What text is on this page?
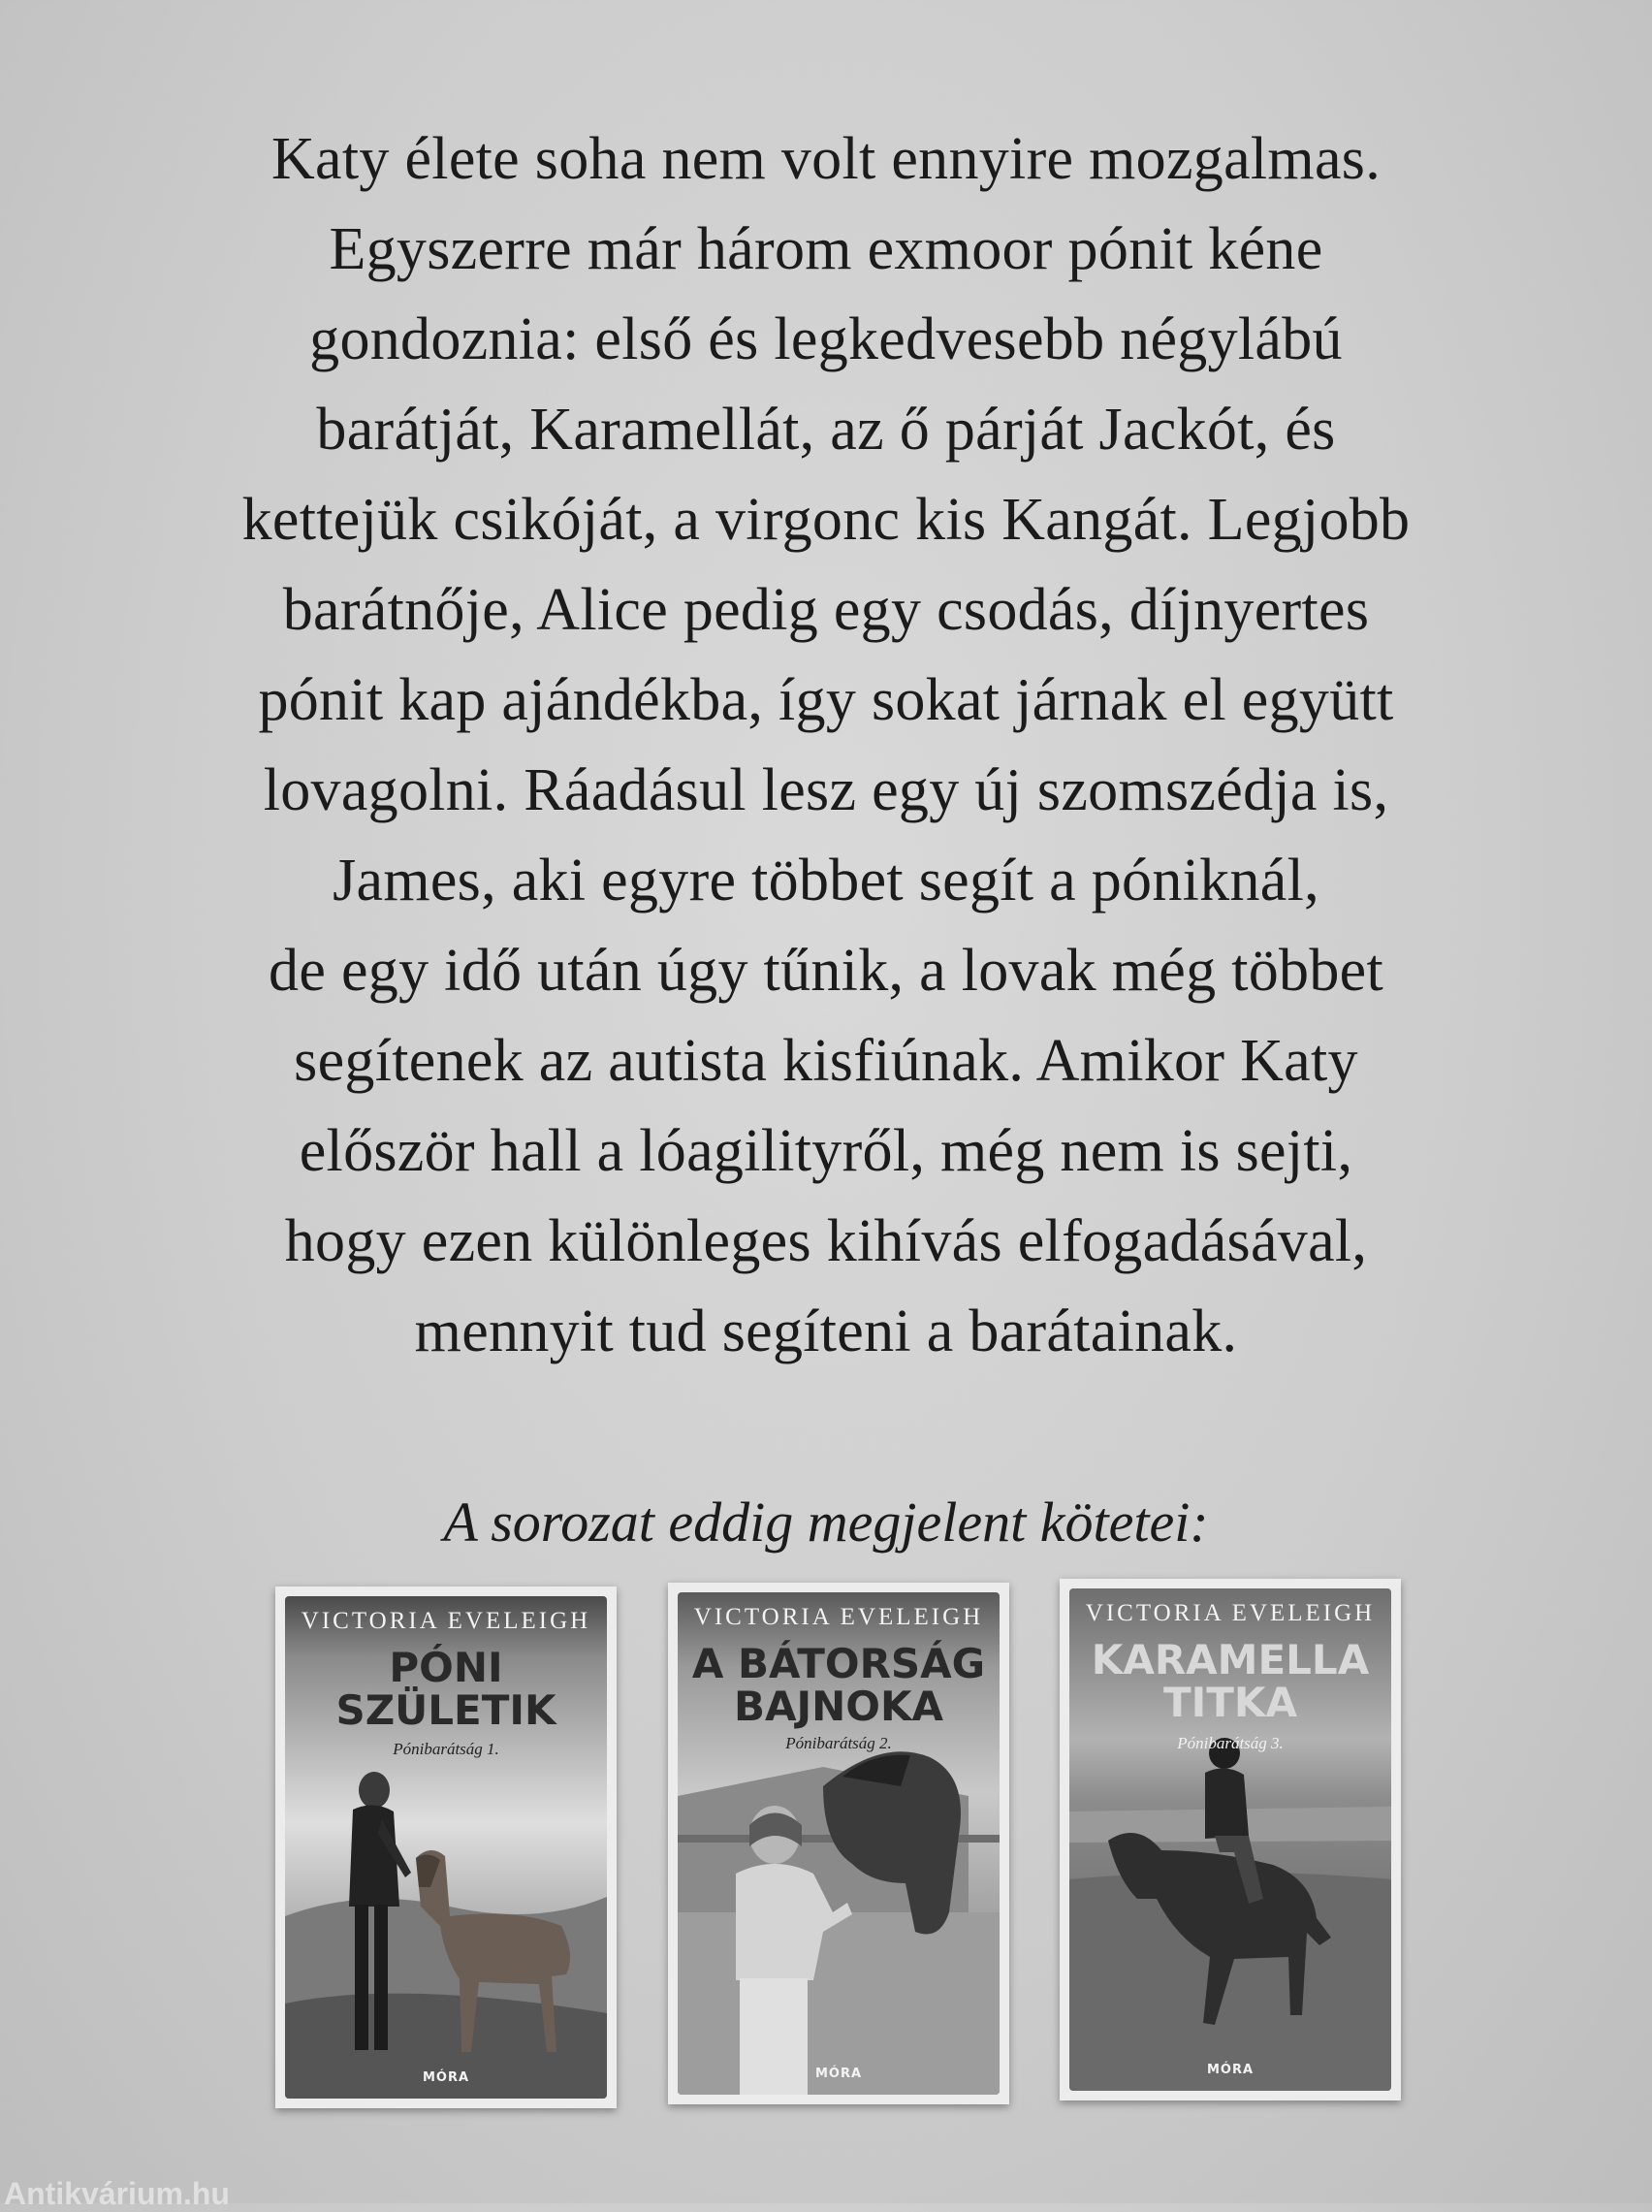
Katy élete soha nem volt ennyire mozgalmas.
Egyszerre már három exmoor pónit kéne
gondoznia: első és legkedvesebb négylábú
barátját, Karamellát, az ő párját Jackót, és
kettejük csikóját, a virgonc kis Kangát. Legjobb
barátnője, Alice pedig egy csodás, díjnyertes
pónit kap ajándékba, így sokat járnak el együtt
lovagolni. Ráadásul lesz egy új szomszédja is,
James, aki egyre többet segít a póniknál,
de egy idő után úgy tűnik, a lovak még többet
segítenek az autista kisfiúnak. Amikor Katy
először hall a lóagilityről, még nem is sejti,
hogy ezen különleges kihívás elfogadásával,
mennyit tud segíteni a barátainak.

A sorozat eddig megjelent kötetei:

VICTORIA EVELEIGH
PÓNI
SZÜLETIK
Pónibarátság 1.
MÓRA
VICTORIA EVELEIGH
A BÁTORSÁG
BAJNOKA
Pónibarátság 2.
MÓRA
VICTORIA EVELEIGH
KARAMELLA
TITKA
Pónibarátság 3.
MÓRA
Antikvárium.hu
